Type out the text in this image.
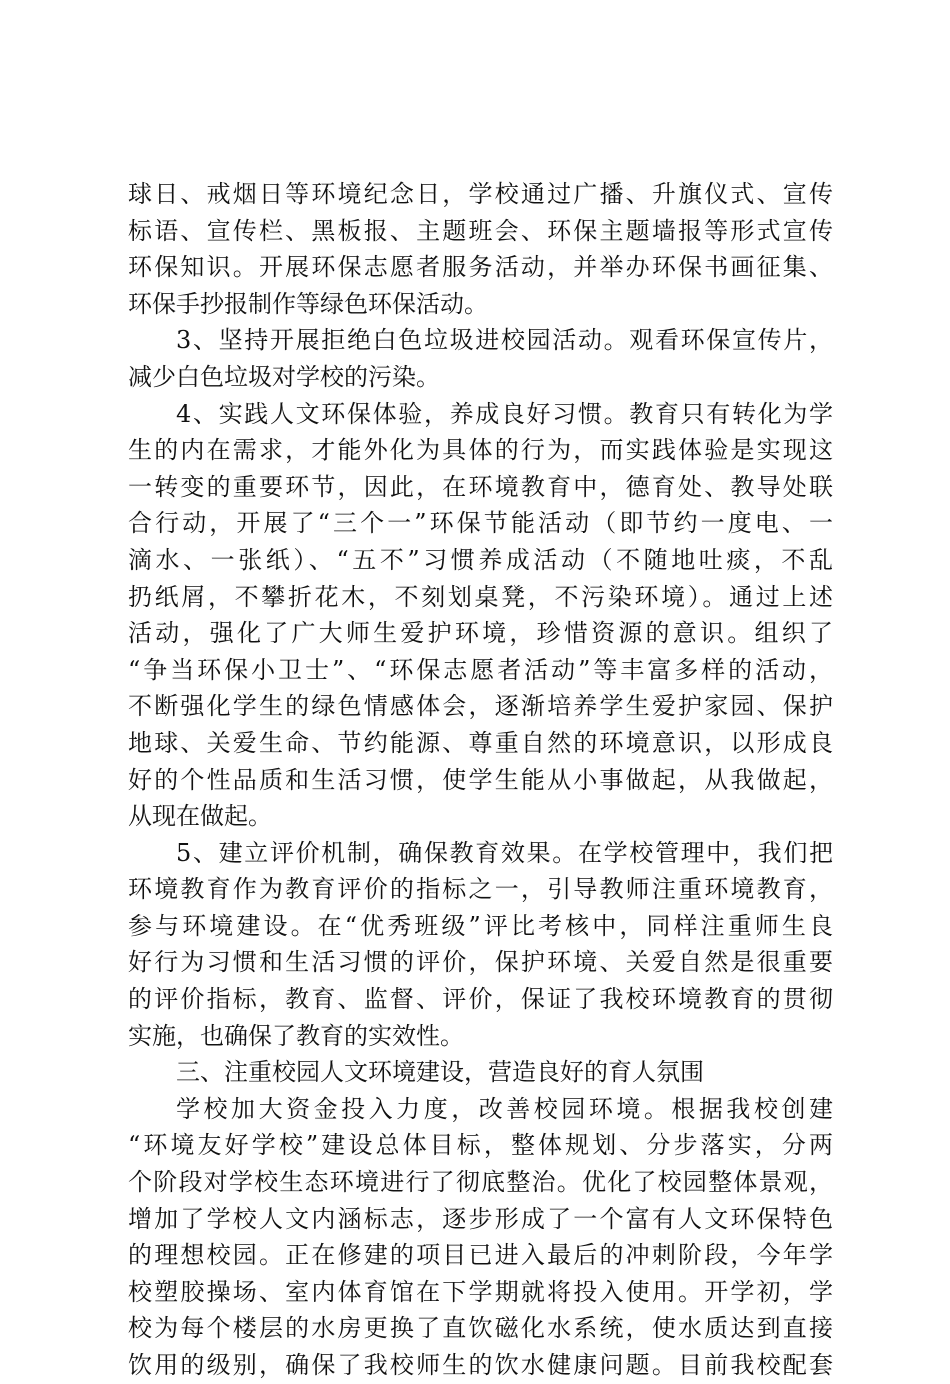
球日、戒烟日等环境纪念日，学校通过广播、升旗仪式、宣传
标语、宣传栏、黑板报、主题班会、环保主题墙报等形式宣传
环保知识。开展环保志愿者服务活动，并举办环保书画征集、
环保手抄报制作等绿色环保活动。
3、坚持开展拒绝白色垃圾进校园活动。观看环保宣传片，
减少白色垃圾对学校的污染。
4、实践人文环保体验，养成良好习惯。教育只有转化为学
生的内在需求，才能外化为具体的行为，而实践体验是实现这
一转变的重要环节，因此，在环境教育中，德育处、教导处联
合行动，开展了“三个一”环保节能活动（即节约一度电、一
滴水、一张纸）、“五不”习惯养成活动（不随地吐痰，不乱
扔纸屑，不攀折花木，不刻划桌凳，不污染环境）。通过上述
活动，强化了广大师生爱护环境，珍惜资源的意识。组织了
“争当环保小卫士”、“环保志愿者活动”等丰富多样的活动，
不断强化学生的绿色情感体会，逐渐培养学生爱护家园、保护
地球、关爱生命、节约能源、尊重自然的环境意识，以形成良
好的个性品质和生活习惯，使学生能从小事做起，从我做起，
从现在做起。
5、建立评价机制，确保教育效果。在学校管理中，我们把
环境教育作为教育评价的指标之一，引导教师注重环境教育，
参与环境建设。在“优秀班级”评比考核中，同样注重师生良
好行为习惯和生活习惯的评价，保护环境、关爱自然是很重要
的评价指标，教育、监督、评价，保证了我校环境教育的贯彻
实施，也确保了教育的实效性。
三、注重校园人文环境建设，营造良好的育人氛围
学校加大资金投入力度，改善校园环境。根据我校创建
“环境友好学校”建设总体目标，整体规划、分步落实，分两
个阶段对学校生态环境进行了彻底整治。优化了校园整体景观，
增加了学校人文内涵标志，逐步形成了一个富有人文环保特色
的理想校园。正在修建的项目已进入最后的冲刺阶段，今年学
校塑胶操场、室内体育馆在下学期就将投入使用。开学初，学
校为每个楼层的水房更换了直饮磁化水系统，使水质达到直接
饮用的级别，确保了我校师生的饮水健康问题。目前我校配套
